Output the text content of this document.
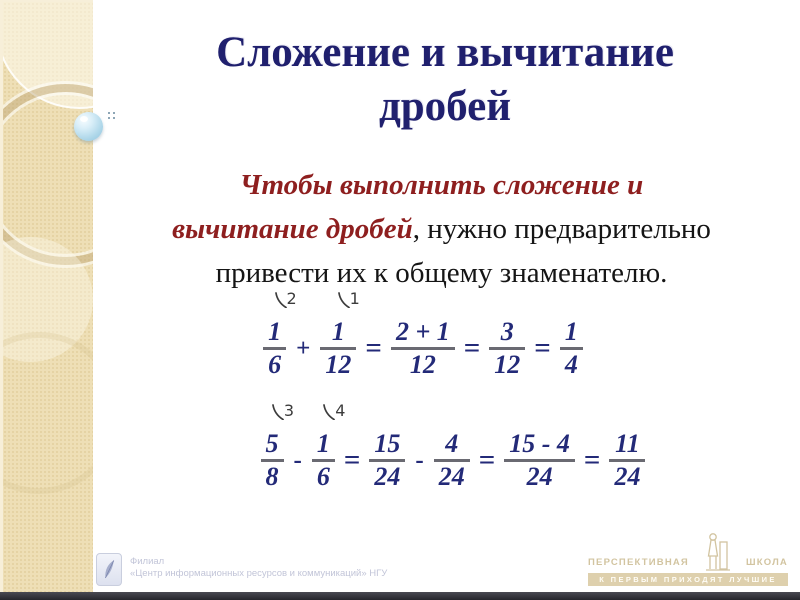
Сложение и вычитание
дробей
Чтобы выполнить сложение и
вычитание дробей, нужно предварительно
привести их к общему знаменателю.
2
1
6
+
1
1
12
= $\frac{2 + 1}{12} = \frac{3}{12} = \frac{1}{4}$
3
5
8
-
4
1
6
= $\frac{15}{24} - \frac{4}{24} = \frac{15 - 4}{24} = \frac{11}{24}$
Филиал
«Центр информационных ресурсов и коммуникаций» НГУ
ПЕРСПЕКТИВНАЯ	ШКОЛА
К ПЕРВЫМ ПРИХОДЯТ ЛУЧШИЕ
